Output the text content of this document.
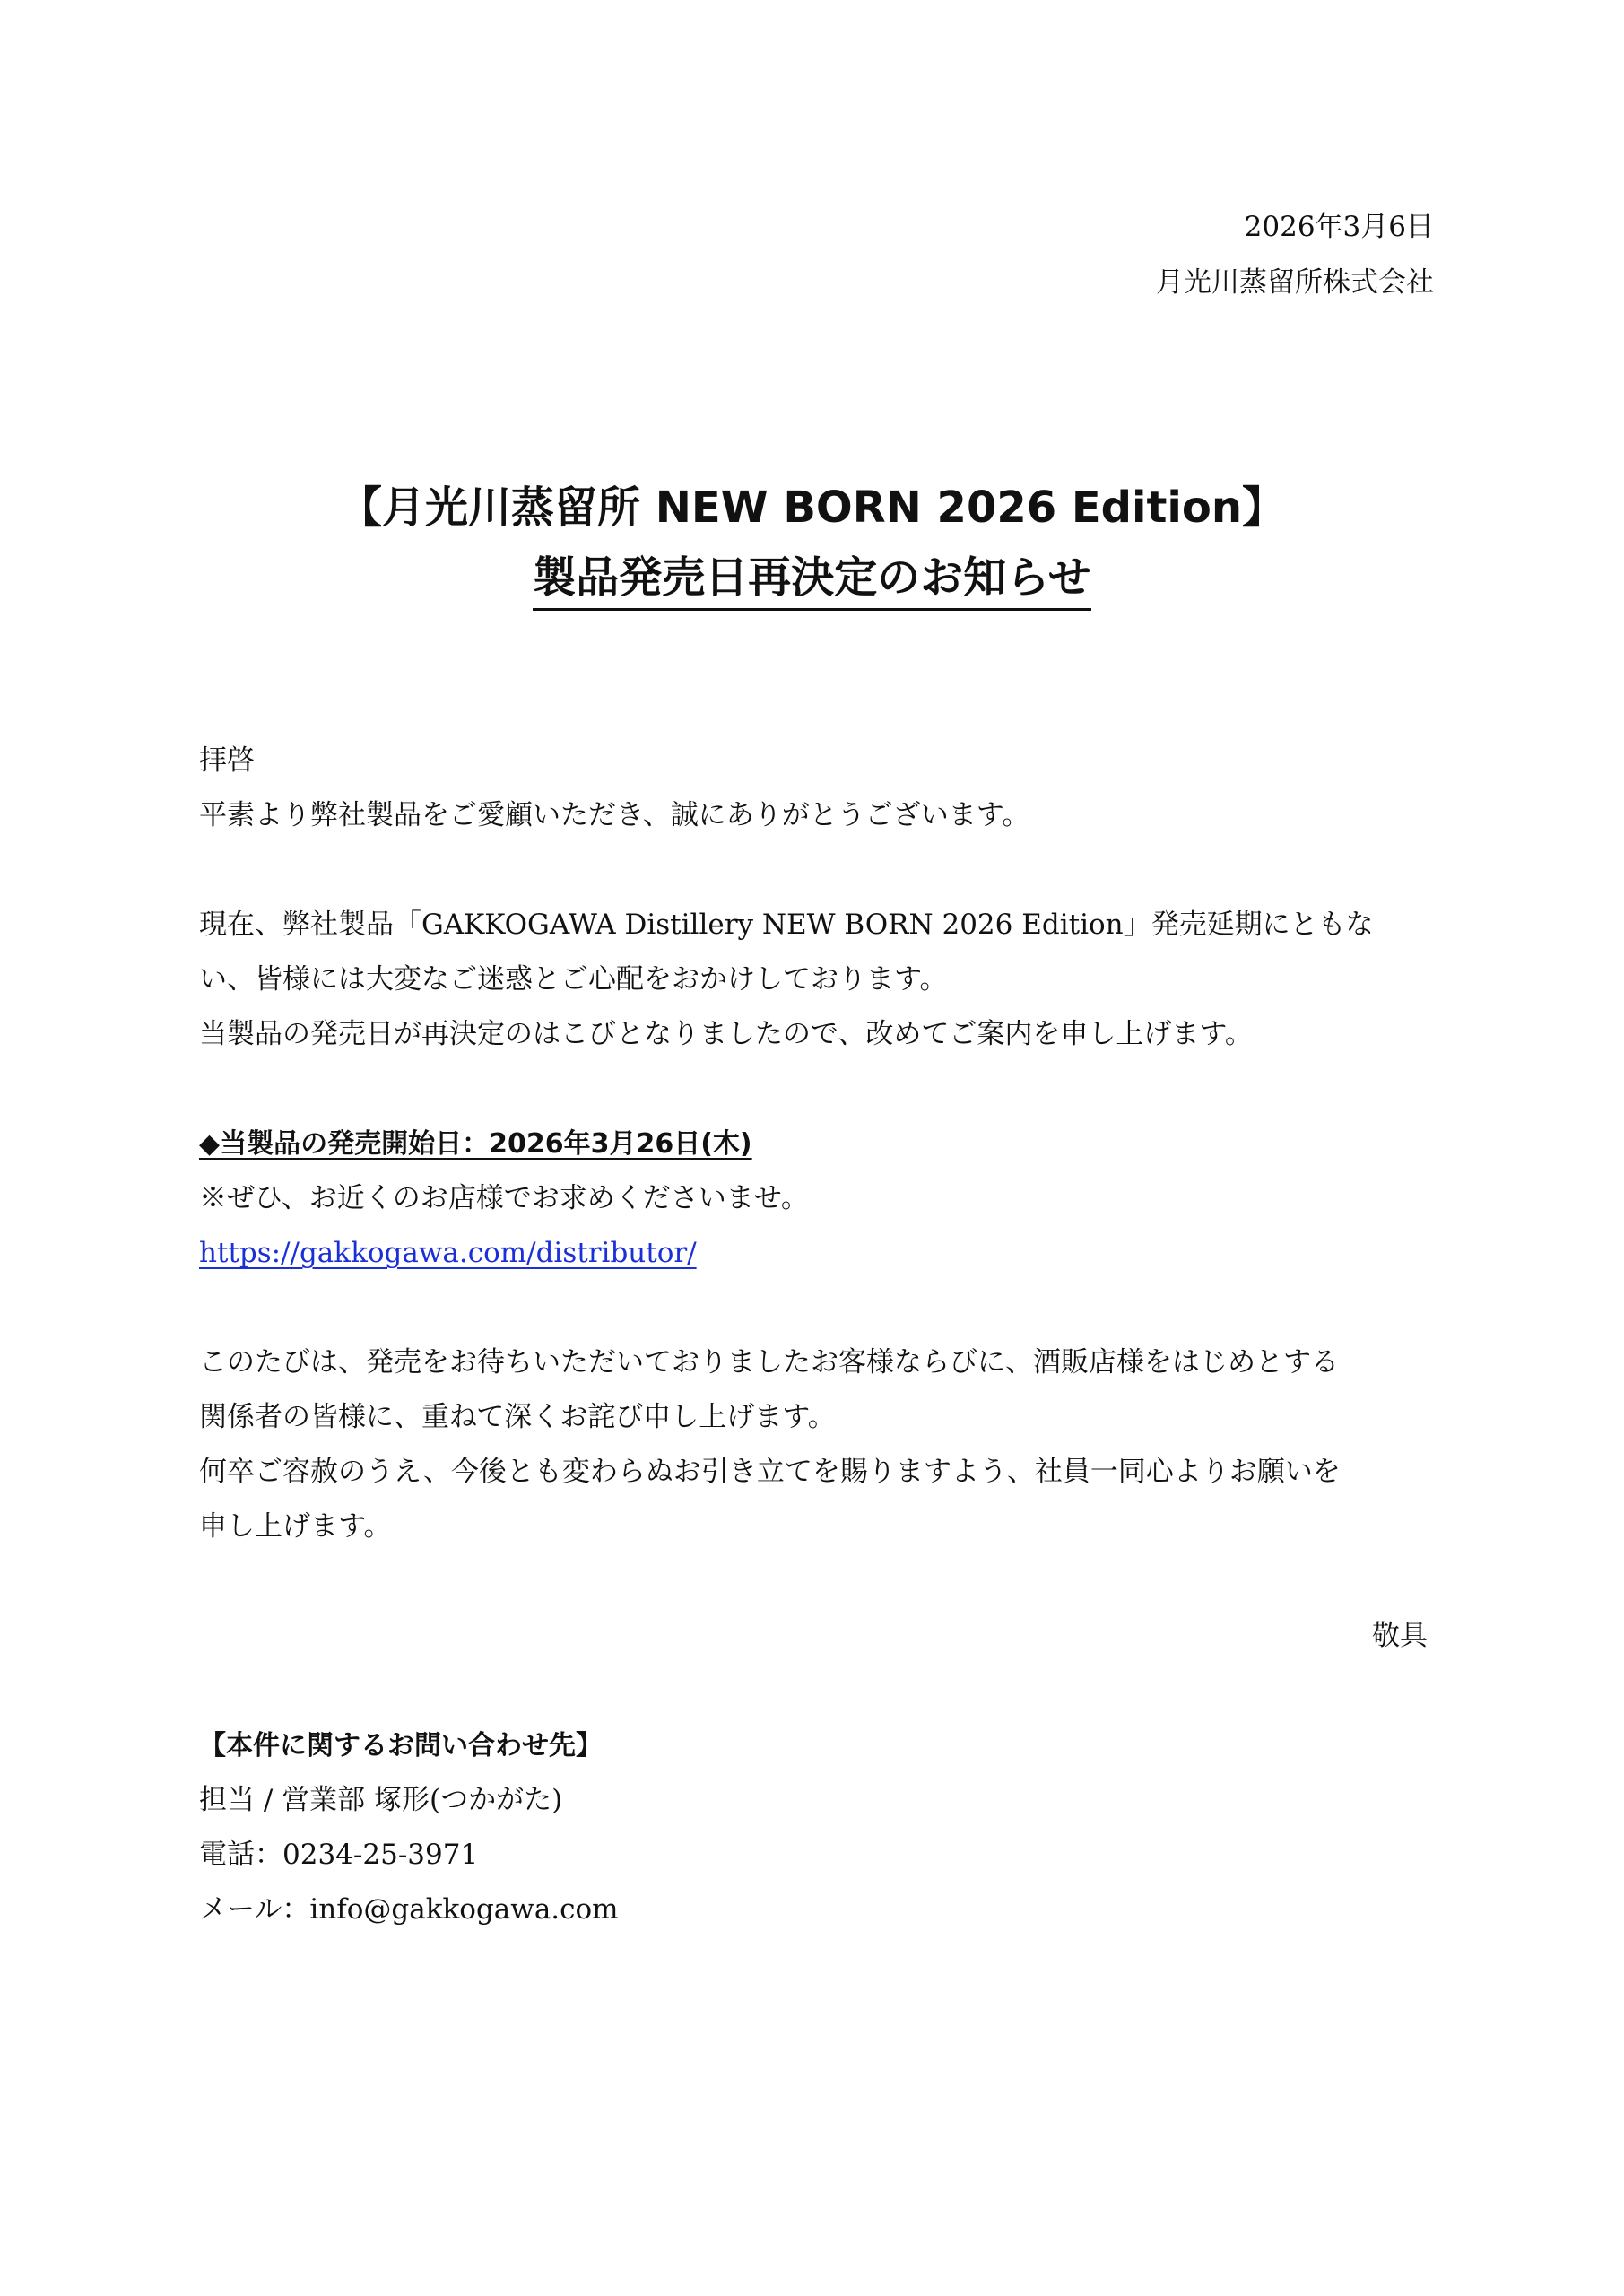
2026年3月6日
月光川蒸留所株式会社
【月光川蒸留所 NEW BORN 2026 Edition】
製品発売日再決定のお知らせ

拝啓

平素より弊社製品をご愛顧いただき、誠にありがとうございます。

現在、弊社製品「GAKKOGAWA Distillery NEW BORN 2026 Edition」発売延期にともな

い、皆様には大変なご迷惑とご心配をおかけしております。

当製品の発売日が再決定のはこびとなりましたので、改めてご案内を申し上げます。

◆当製品の発売開始日：2026年3月26日(木)

※ぜひ、お近くのお店様でお求めくださいませ。

https://gakkogawa.com/distributor/

このたびは、発売をお待ちいただいておりましたお客様ならびに、酒販店様をはじめとする

関係者の皆様に、重ねて深くお詫び申し上げます。

何卒ご容赦のうえ、今後とも変わらぬお引き立てを賜りますよう、社員一同心よりお願いを

申し上げます。

敬具

【本件に関するお問い合わせ先】

担当 / 営業部 塚形(つかがた)

電話：0234-25-3971

メール：info@gakkogawa.com
